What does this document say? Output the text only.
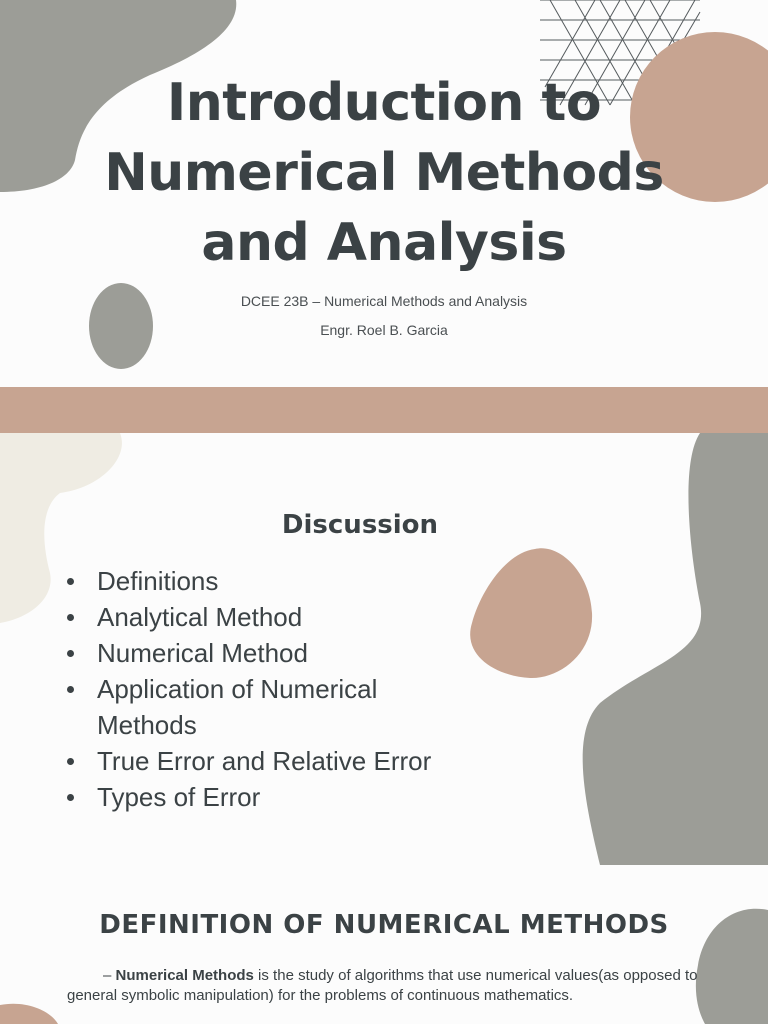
Introduction to
Numerical Methods
and Analysis
DCEE 23B – Numerical Methods and Analysis
Engr. Roel B. Garcia
Discussion
Definitions
Analytical Method
Numerical Method
Application of Numerical Methods
True Error and Relative Error
Types of Error
DEFINITION OF NUMERICAL METHODS

– Numerical Methods is the study of algorithms that use numerical values(as opposed to general symbolic manipulation) for the problems of continuous mathematics.
